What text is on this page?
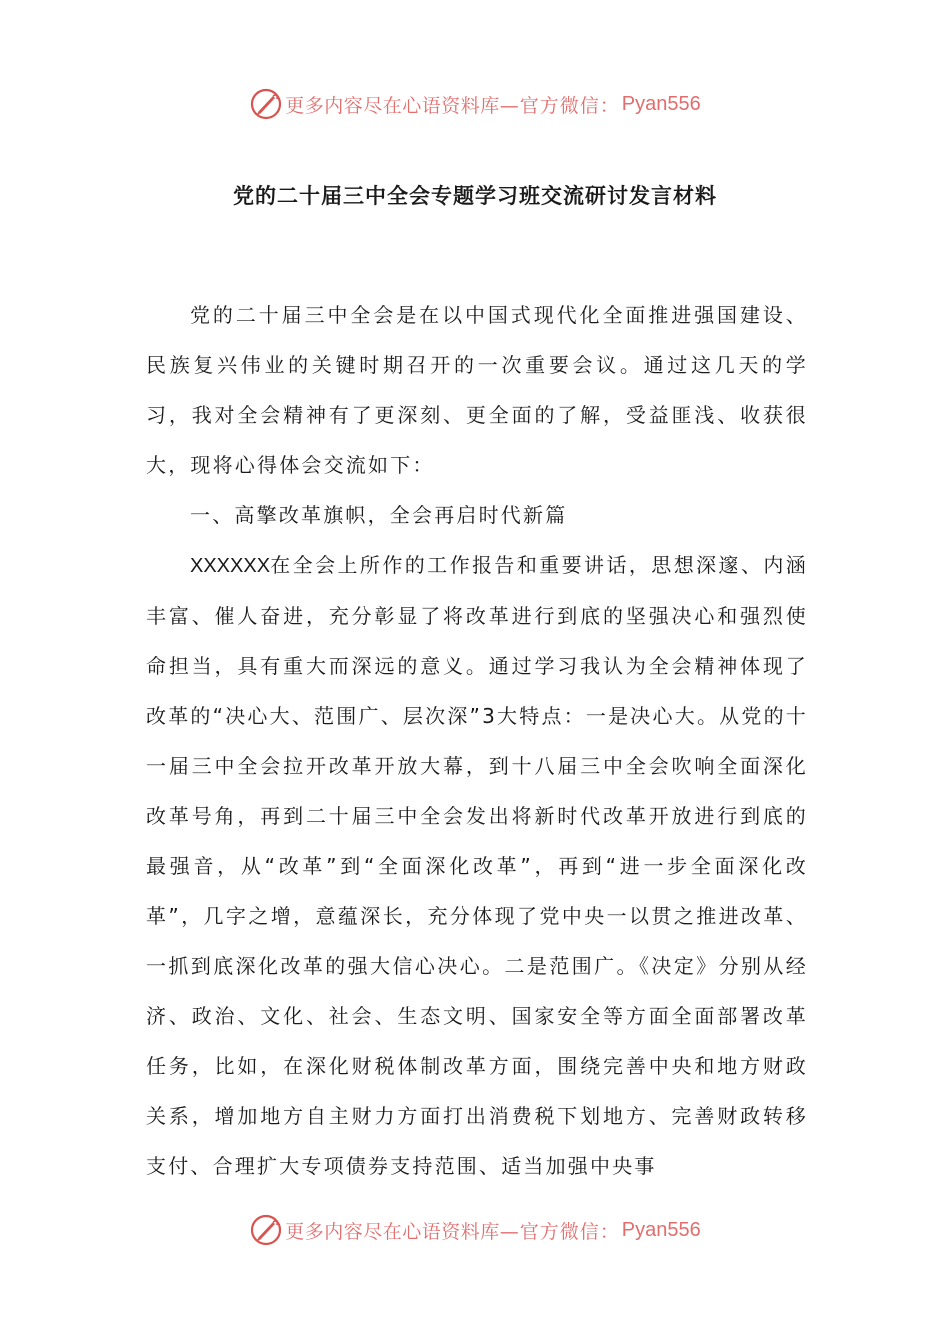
更多内容尽在心语资料库 —官方微信： Pyan556
党的二十届三中全会专题学习班交流研讨发言材料

党的二十届三中全会是在以中国式现代化全面推进强国建设、民族复兴伟业的关键时期召开的一次重要会议。通过这几天的学习，我对全会精神有了更深刻、更全面的了解，受益匪浅、收获很大，现将心得体会交流如下：

一、高擎改革旗帜，全会再启时代新篇

XXXXXX在全会上所作的工作报告和重要讲话，思想深邃、内涵丰富、催人奋进，充分彰显了将改革进行到底的坚强决心和强烈使命担当，具有重大而深远的意义。通过学习我认为全会精神体现了改革的“决心大、范围广、层次深”3大特点：一是决心大。从党的十一届三中全会拉开改革开放大幕，到十八届三中全会吹响全面深化改革号角，再到二十届三中全会发出将新时代改革开放进行到底的最强音，从“改革”到“全面深化改革”，再到“进一步全面深化改革”，几字之增，意蕴深长，充分体现了党中央一以贯之推进改革、一抓到底深化改革的强大信心决心。二是范围广。《决定》分别从经济、政治、文化、社会、生态文明、国家安全等方面全面部署改革任务，比如，在深化财税体制改革方面，围绕完善中央和地方财政关系，增加地方自主财力方面打出消费税下划地方、完善财政转移支付、合理扩大专项债券支持范围、适当加强中央事

更多内容尽在心语资料库 —官方微信： Pyan556
